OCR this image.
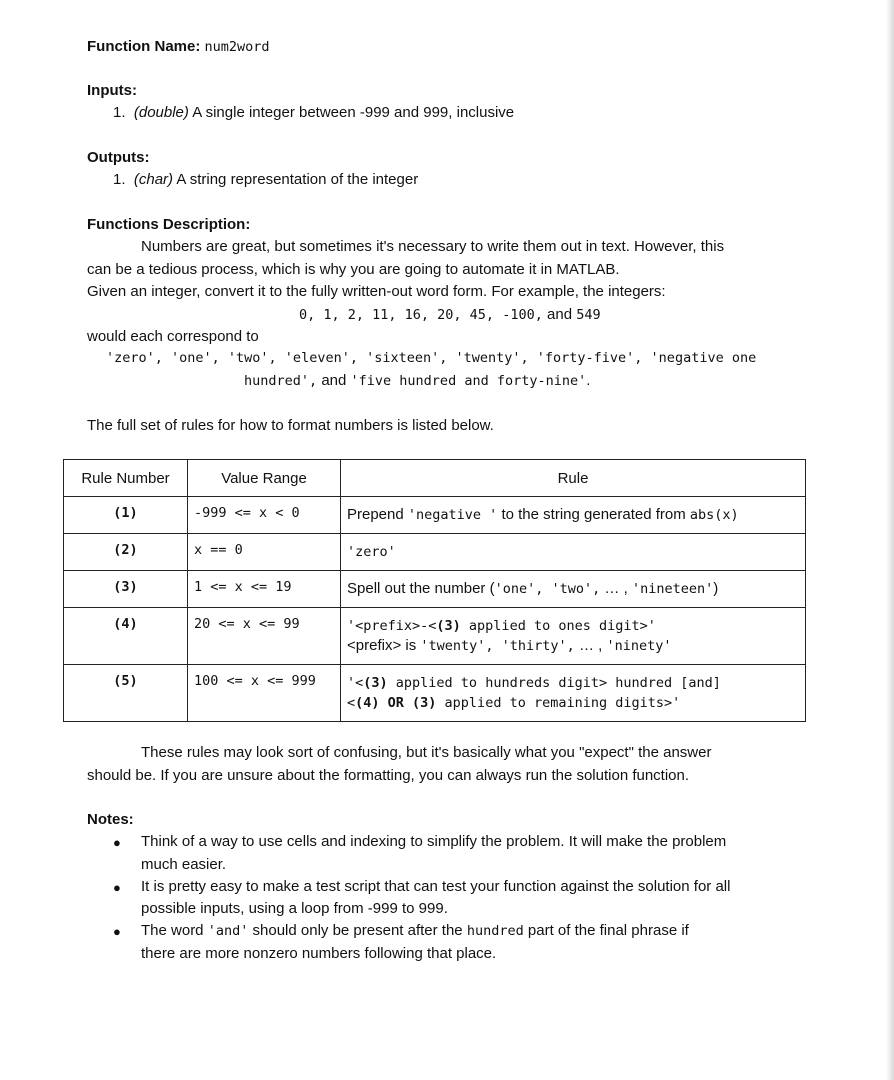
Function Name: num2word
Inputs:
1. (double) A single integer between -999 and 999, inclusive
Outputs:
1. (char) A string representation of the integer
Functions Description:
Numbers are great, but sometimes it's necessary to write them out in text. However, this
can be a tedious process, which is why you are going to automate it in MATLAB.
Given an integer, convert it to the fully written-out word form. For example, the integers:
0, 1, 2, 11, 16, 20, 45, -100, and 549
would each correspond to
'zero', 'one', 'two', 'eleven', 'sixteen', 'twenty', 'forty-five', 'negative one
hundred', and 'five hundred and forty-nine'.
The full set of rules for how to format numbers is listed below.
Rule Number	Value Range	Rule
(1)	-999 <= x < 0	Prepend 'negative ' to the string generated from abs(x)

(2)	x == 0	'zero'

(3)	1 <= x <= 19	Spell out the number ('one', 'two', … , 'nineteen')

(4)	20 <= x <= 99	'<prefix>-<(3) applied to ones digit>'
<prefix> is 'twenty', 'thirty', … , 'ninety'

(5)	100 <= x <= 999	'<(3) applied to hundreds digit> hundred [and]
<(4) OR (3) applied to remaining digits>'
These rules may look sort of confusing, but it's basically what you "expect" the answer
should be. If you are unsure about the formatting, you can always run the solution function.
Notes:
● Think of a way to use cells and indexing to simplify the problem. It will make the problem
much easier.
● It is pretty easy to make a test script that can test your function against the solution for all
possible inputs, using a loop from -999 to 999.
● The word 'and' should only be present after the hundred part of the final phrase if
there are more nonzero numbers following that place.
